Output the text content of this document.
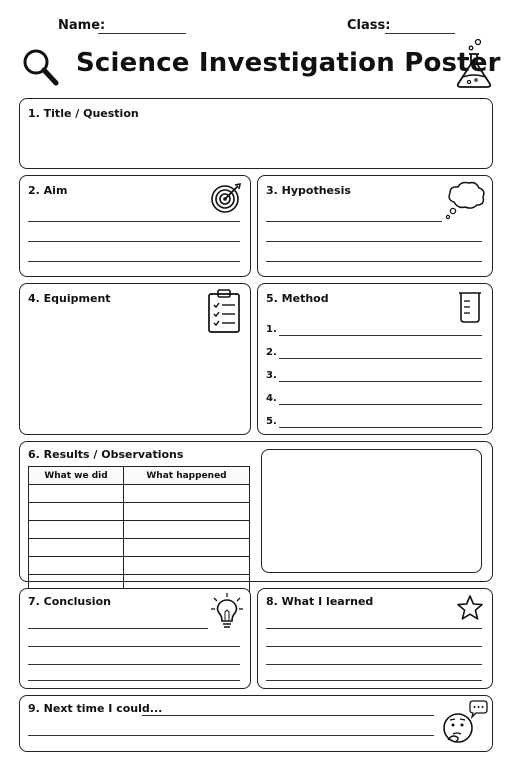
Name:	Class:
Science Investigation Poster
1. Title / Question
2. Aim	3. Hypothesis
4. Equipment	5. Method
1.
2.
3.
4.
5.
6. Results / Observations
What we did	What happened

7. Conclusion	8. What I learned
9. Next time I could...
